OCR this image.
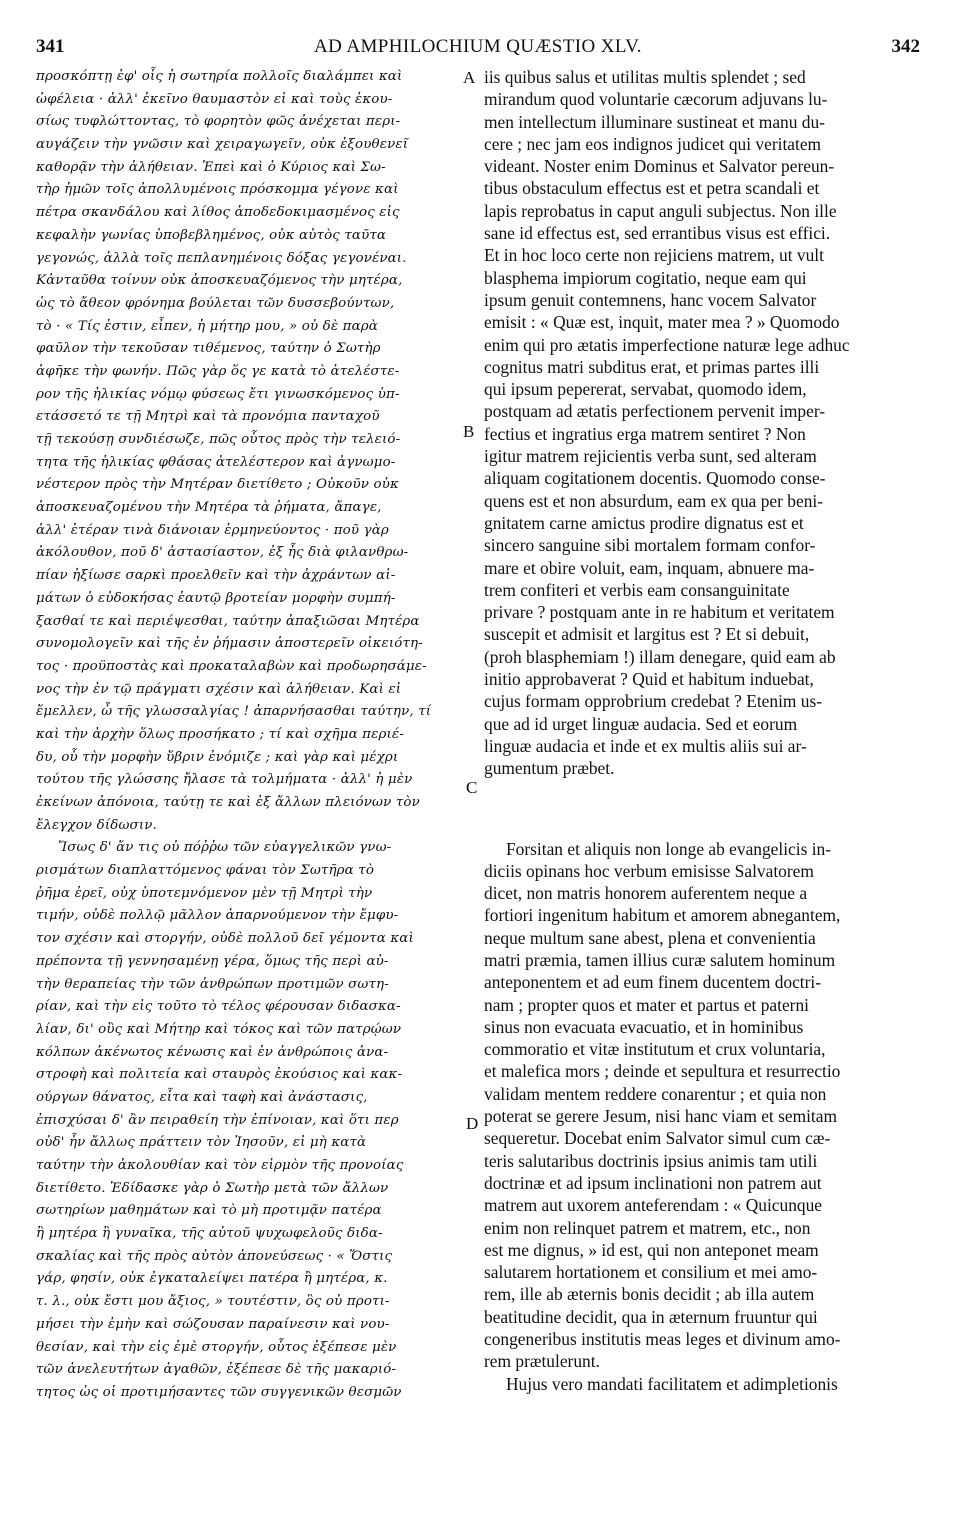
341	AD AMPHILOCHIUM QUÆSTIO XLV.	342
προσκόπτῃ ἐφ' οἷς ἡ σωτηρία πολλοῖς διαλάμπει καὶ
ὠφέλεια · ἀλλ' ἐκεῖνο θαυμαστὸν εἰ καὶ τοὺς ἑκου-
σίως τυφλώττοντας, τὸ φορητὸν φῶς ἀνέχεται περι-
αυγάζειν τὴν γνῶσιν καὶ χειραγωγεῖν, οὐκ ἐξουθενεῖ
καθορᾷν τὴν ἀλήθειαν. Ἐπεὶ καὶ ὁ Κύριος καὶ Σω-
τὴρ ἡμῶν τοῖς ἀπολλυμένοις πρόσκομμα γέγονε καὶ
πέτρα σκανδάλου καὶ λίθος ἀποδεδοκιμασμένος εἰς
κεφαλὴν γωνίας ὑποβεβλημένος, οὐκ αὐτὸς ταῦτα
γεγονώς, ἀλλὰ τοῖς πεπλανημένοις δόξας γεγονέναι.
Κἀνταῦθα τοίνυν οὐκ ἀποσκευαζόμενος τὴν μητέρα,
ὡς τὸ ἄθεον φρόνημα βούλεται τῶν δυσσεβούντων,
τὸ · « Τίς ἐστιν, εἶπεν, ἡ μήτηρ μου, » οὐ δὲ παρὰ
φαῦλον τὴν τεκοῦσαν τιθέμενος, ταύτην ὁ Σωτὴρ
ἀφῆκε τὴν φωνήν. Πῶς γὰρ ὅς γε κατὰ τὸ ἀτελέστε-
ρον τῆς ἡλικίας νόμῳ φύσεως ἔτι γινωσκόμενος ὑπ-
ετάσσετό τε τῇ Μητρὶ καὶ τὰ προνόμια πανταχοῦ
τῇ τεκούσῃ συνδιέσωζε, πῶς οὗτος πρὸς τὴν τελειό-
τητα τῆς ἡλικίας φθάσας ἀτελέστερον καὶ ἀγνωμο-
νέστερον πρὸς τὴν Μητέραν διετίθετο ; Οὐκοῦν οὐκ
ἀποσκευαζομένου τὴν Μητέρα τὰ ῥήματα, ἄπαγε,
ἀλλ' ἑτέραν τινὰ διάνοιαν ἑρμηνεύοντος · ποῦ γὰρ
ἀκόλουθον, ποῦ δ' ἀστασίαστον, ἐξ ἧς διὰ φιλανθρω-
πίαν ἠξίωσε σαρκὶ προελθεῖν καὶ τὴν ἀχράντων αἱ-
μάτων ὁ εὐδοκήσας ἑαυτῷ βροτείαν μορφὴν συμπή-
ξασθαί τε καὶ περιέψεσθαι, ταύτην ἀπαξιῶσαι Μητέρα
συνομολογεῖν καὶ τῆς ἐν ῥήμασιν ἀποστερεῖν οἰκειότη-
τος · προϋποστὰς καὶ προκαταλαβὼν καὶ προδωρησάμε-
νος τὴν ἐν τῷ πράγματι σχέσιν καὶ ἀλήθειαν. Καὶ εἰ
ἔμελλεν, ὦ τῆς γλωσσαλγίας ! ἀπαρνήσασθαι ταύτην, τί
καὶ τὴν ἀρχὴν ὅλως προσήκατο ; τί καὶ σχῆμα περιέ-
δυ, οὗ τὴν μορφὴν ὕβριν ἐνόμιζε ; καὶ γὰρ καὶ μέχρι
τούτου τῆς γλώσσης ἤλασε τὰ τολμήματα · ἀλλ' ἡ μὲν
ἐκείνων ἀπόνοια, ταύτῃ τε καὶ ἐξ ἄλλων πλειόνων τὸν
ἔλεγχον δίδωσιν.
Ἴσως δ' ἄν τις οὐ πόῤῥω τῶν εὐαγγελικῶν γνω-
ρισμάτων διαπλαττόμενος φάναι τὸν Σωτῆρα τὸ
ῥῆμα ἐρεῖ, οὐχ ὑποτεμνόμενον μὲν τῇ Μητρὶ τὴν
τιμήν, οὐδὲ πολλῷ μᾶλλον ἀπαρνούμενον τὴν ἔμφυ-
τον σχέσιν καὶ στοργήν, οὐδὲ πολλοῦ δεῖ γέμοντα καὶ
πρέποντα τῇ γεννησαμένῃ γέρα, ὅμως τῆς περὶ αὐ-
τὴν θεραπείας τὴν τῶν ἀνθρώπων προτιμῶν σωτη-
ρίαν, καὶ τὴν εἰς τοῦτο τὸ τέλος φέρουσαν διδασκα-
λίαν, δι' οὓς καὶ Μήτηρ καὶ τόκος καὶ τῶν πατρῴων
κόλπων ἀκένωτος κένωσις καὶ ἐν ἀνθρώποις ἀνα-
στροφὴ καὶ πολιτεία καὶ σταυρὸς ἑκούσιος καὶ κακ-
ούργων θάνατος, εἶτα καὶ ταφὴ καὶ ἀνάστασις,
ἐπισχύσαι δ' ἂν πειραθείη τὴν ἐπίνοιαν, καὶ ὅτι περ
οὐδ' ἦν ἄλλως πράττειν τὸν Ἰησοῦν, εἰ μὴ κατὰ
ταύτην τὴν ἀκολουθίαν καὶ τὸν εἱρμὸν τῆς προνοίας
διετίθετο. Ἐδίδασκε γὰρ ὁ Σωτὴρ μετὰ τῶν ἄλλων
σωτηρίων μαθημάτων καὶ τὸ μὴ προτιμᾷν πατέρα
ἢ μητέρα ἢ γυναῖκα, τῆς αὐτοῦ ψυχωφελοῦς διδα-
σκαλίας καὶ τῆς πρὸς αὐτὸν ἀπονεύσεως · « Ὅστις
γάρ, φησίν, οὐκ ἐγκαταλείψει πατέρα ἢ μητέρα, κ.
τ. λ., οὐκ ἔστι μου ἄξιος, » τουτέστιν, ὃς οὐ προτι-
μήσει τὴν ἐμὴν καὶ σώζουσαν παραίνεσιν καὶ νου-
θεσίαν, καὶ τὴν εἰς ἐμὲ στοργήν, οὗτος ἐξέπεσε μὲν
τῶν ἀνελευτήτων ἀγαθῶν, ἐξέπεσε δὲ τῆς μακαριό-
τητος ὡς οἱ προτιμήσαντες τῶν συγγενικῶν θεσμῶν
iis quibus salus et utilitas multis splendet ; sed
mirandum quod voluntarie cæcorum adjuvans lu-
men intellectum illuminare sustineat et manu du-
cere ; nec jam eos indignos judicet qui veritatem
videant. Noster enim Dominus et Salvator pereun-
tibus obstaculum effectus est et petra scandali et
lapis reprobatus in caput anguli subjectus. Non ille
sane id effectus est, sed errantibus visus est effici.
Et in hoc loco certe non rejiciens matrem, ut vult
blasphema impiorum cogitatio, neque eam qui
ipsum genuit contemnens, hanc vocem Salvator
emisit : « Quæ est, inquit, mater mea ? » Quomodo
enim qui pro ætatis imperfectione naturæ lege adhuc
cognitus matri subditus erat, et primas partes illi
qui ipsum pepererat, servabat, quomodo idem,
postquam ad ætatis perfectionem pervenit imper-
fectius et ingratius erga matrem sentiret ? Non
igitur matrem rejicientis verba sunt, sed alteram
aliquam cogitationem docentis. Quomodo conse-
quens est et non absurdum, eam ex qua per beni-
gnitatem carne amictus prodire dignatus est et
sincero sanguine sibi mortalem formam confor-
mare et obire voluit, eam, inquam, abnuere ma-
trem confiteri et verbis eam consanguinitate
privare ? postquam ante in re habitum et veritatem
suscepit et admisit et largitus est ? Et si debuit,
(proh blasphemiam !) illam denegare, quid eam ab
initio approbaverat ? Quid et habitum induebat,
cujus formam opprobrium credebat ? Etenim us-
que ad id urget linguæ audacia. Sed et eorum
linguæ audacia et inde et ex multis aliis sui ar-
gumentum præbet.
Forsitan et aliquis non longe ab evangelicis in-
diciis opinans hoc verbum emisisse Salvatorem
dicet, non matris honorem auferentem neque a
fortiori ingenitum habitum et amorem abnegantem,
neque multum sane abest, plena et convenientia
matri præmia, tamen illius curæ salutem hominum
anteponentem et ad eum finem ducentem doctri-
nam ; propter quos et mater et partus et paterni
sinus non evacuata evacuatio, et in hominibus
commoratio et vitæ institutum et crux voluntaria,
et malefica mors ; deinde et sepultura et resurrectio
validam mentem reddere conarentur ; et quia non
poterat se gerere Jesum, nisi hanc viam et semitam
sequeretur. Docebat enim Salvator simul cum cæ-
teris salutaribus doctrinis ipsius animis tam utili
doctrinæ et ad ipsum inclinationi non patrem aut
matrem aut uxorem anteferendam : « Quicunque
enim non relinquet patrem et matrem, etc., non
est me dignus, » id est, qui non anteponet meam
salutarem hortationem et consilium et mei amo-
rem, ille ab æternis bonis decidit ; ab illa autem
beatitudine decidit, qua in æternum fruuntur qui
congeneribus institutis meas leges et divinum amo-
rem prætulerunt.
Hujus vero mandati facilitatem et adimpletionis
A
B
C
D
